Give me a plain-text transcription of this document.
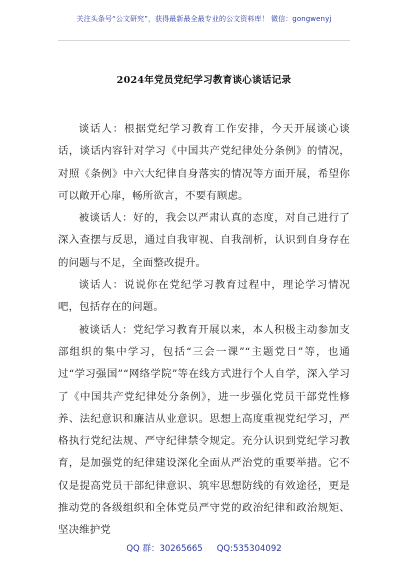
关注头条号“公文研究”，获得最新最全最专业的公文资料库！ 微信：gongwenyj
2024年党员党纪学习教育谈心谈话记录

谈话人：根据党纪学习教育工作安排，今天开展谈心谈话，谈话内容针对学习《中国共产党纪律处分条例》的情况，对照《条例》中六大纪律自身落实的情况等方面开展，希望你可以敞开心扉，畅所欲言，不要有顾虑。

被谈话人：好的，我会以严肃认真的态度，对自己进行了深入查摆与反思，通过自我审视、自我剖析，认识到自身存在的问题与不足，全面整改提升。

谈话人：说说你在党纪学习教育过程中，理论学习情况吧，包括存在的问题。

被谈话人：党纪学习教育开展以来，本人积极主动参加支部组织的集中学习，包括“三会一课”“主题党日”等，也通过“学习强国”“网络学院”等在线方式进行个人自学，深入学习了《中国共产党纪律处分条例》，进一步强化党员干部党性修养、法纪意识和廉洁从业意识。思想上高度重视党纪学习，严格执行党纪法规、严守纪律禁令规定。充分认识到党纪学习教育，是加强党的纪律建设深化全面从严治党的重要举措。它不仅是提高党员干部纪律意识、筑牢思想防线的有效途径，更是推动党的各级组织和全体党员严守党的政治纪律和政治规矩、坚决维护党

QQ 群：30265665 QQ:535304092
